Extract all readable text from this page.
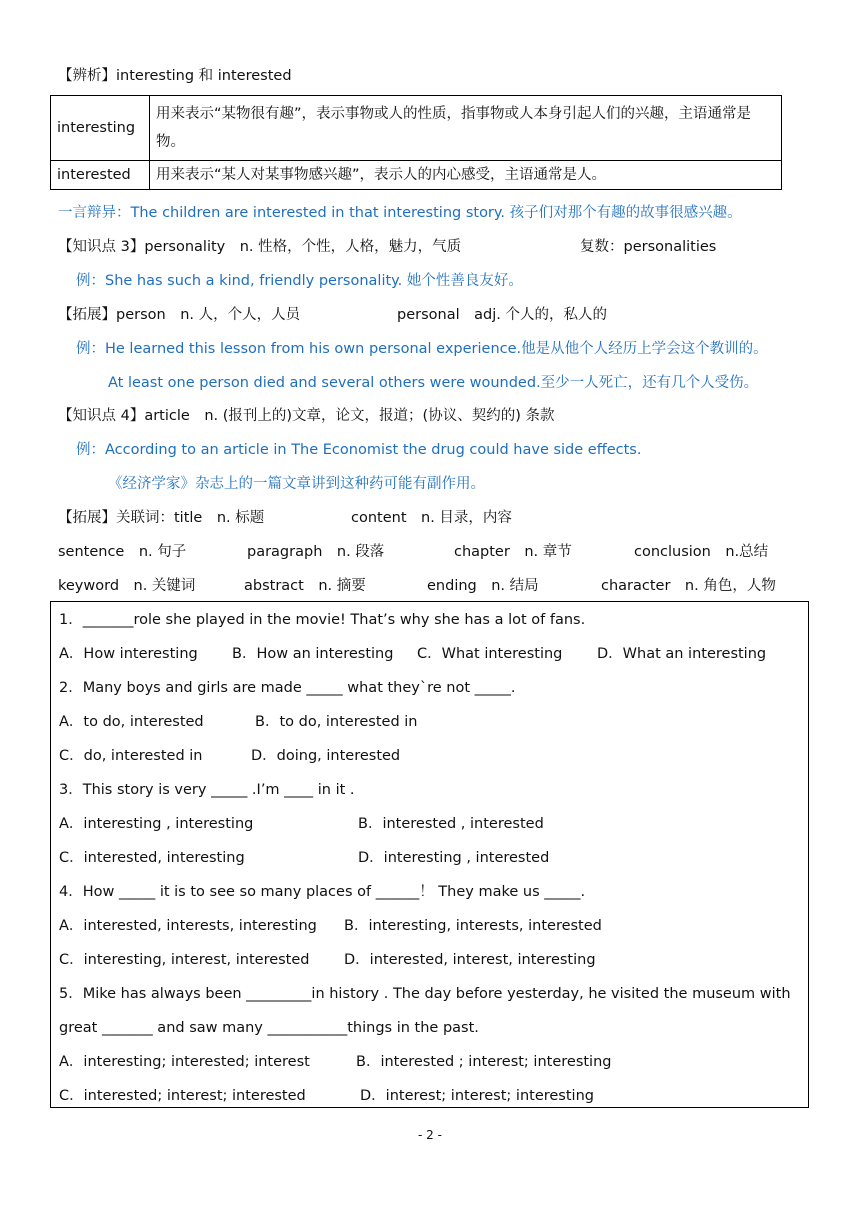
【辨析】interesting 和 interested
interesting	用来表示“某物很有趣”，表示事物或人的性质，指事物或人本身引起人们的兴趣，主语通常是物。
interested	用来表示“某人对某事物感兴趣”，表示人的内心感受，主语通常是人。
一言辩异：The children are interested in that interesting story. 孩子们对那个有趣的故事很感兴趣。
【知识点 3】personality　n. 性格，个性，人格，魅力，气质	复数：personalities
例：She has such a kind, friendly personality. 她个性善良友好。
【拓展】person　n. 人，个人，人员	personal　adj. 个人的，私人的
例：He learned this lesson from his own personal experience.他是从他个人经历上学会这个教训的。
At least one person died and several others were wounded.至少一人死亡，还有几个人受伤。
【知识点 4】article　n. (报刊上的)文章，论文，报道；(协议、契约的) 条款
例：According to an article in The Economist the drug could have side effects.
《经济学家》杂志上的一篇文章讲到这种药可能有副作用。
【拓展】关联词：title　n. 标题	content　n. 目录，内容
sentence　n. 句子	paragraph　n. 段落	chapter　n. 章节	conclusion　n.总结
keyword　n. 关键词	abstract　n. 摘要	ending　n. 结局	character　n. 角色，人物
1．_______role she played in the movie! That’s why she has a lot of fans.
A．How interesting B．How an interesting C．What interesting D．What an interesting
2．Many boys and girls are made _____ what they`re not _____.
A．to do, interested	B．to do, interested in
C．do, interested in	D．doing, interested
3．This story is very _____ .I’m ____ in it .
A．interesting , interesting	B．interested , interested
C．interested, interesting	D．interesting , interested
4．How _____ it is to see so many places of ______！ They make us _____.
A．interested, interests, interesting B．interesting, interests, interested
C．interesting, interest, interested D．interested, interest, interesting
5．Mike has always been _________in history . The day before yesterday, he visited the museum with
great _______ and saw many ___________things in the past.
A．interesting; interested; interest	B．interested ; interest; interesting
C．interested; interest; interested	D．interest; interest; interesting
- 2 -
